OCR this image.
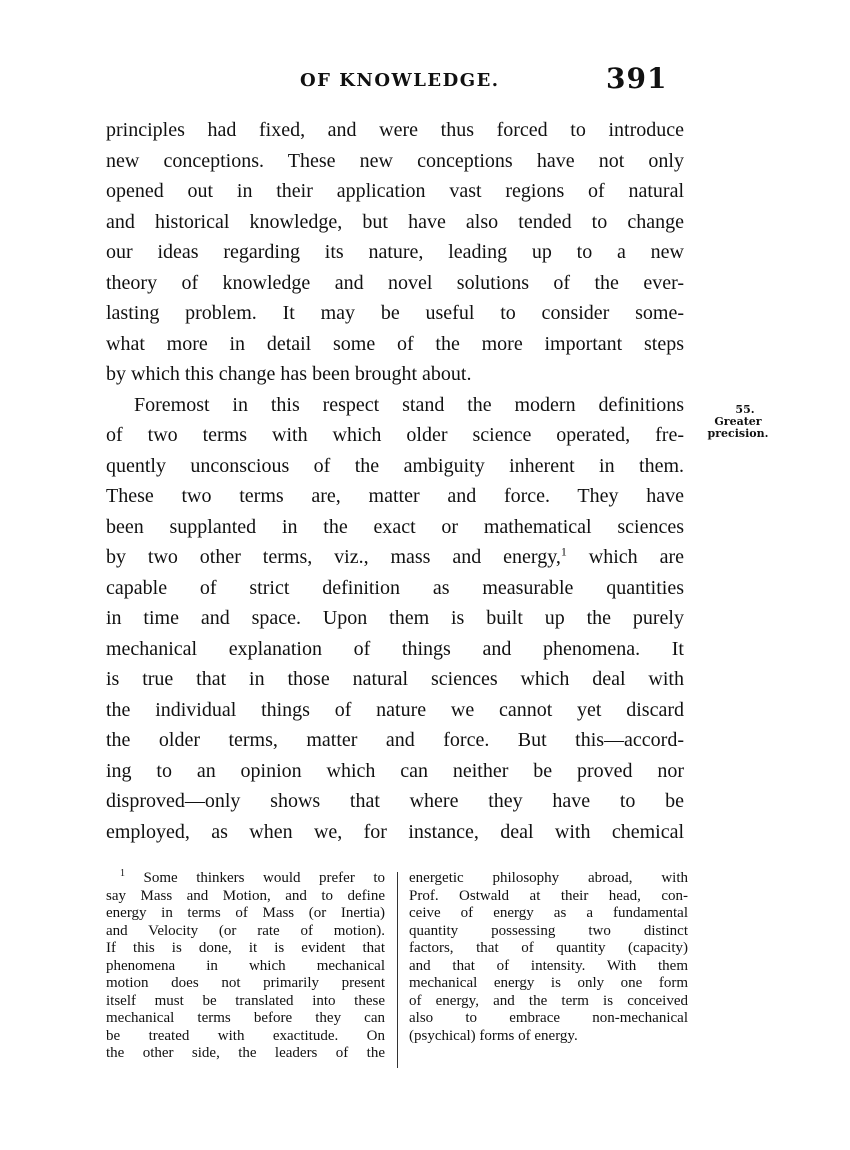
OF KNOWLEDGE.	391
principles had fixed, and were thus forced to introduce
new conceptions. These new conceptions have not only
opened out in their application vast regions of natural
and historical knowledge, but have also tended to change
our ideas regarding its nature, leading up to a new
theory of knowledge and novel solutions of the ever-
lasting problem. It may be useful to consider some-
what more in detail some of the more important steps
by which this change has been brought about.
Foremost in this respect stand the modern definitions
of two terms with which older science operated, fre-
quently unconscious of the ambiguity inherent in them.
These two terms are, matter and force. They have
been supplanted in the exact or mathematical sciences
by two other terms, viz., mass and energy,$^1$ which are
capable of strict definition as measurable quantities
in time and space. Upon them is built up the purely
mechanical explanation of things and phenomena. It
is true that in those natural sciences which deal with
the individual things of nature we cannot yet discard
the older terms, matter and force. But this—accord-
ing to an opinion which can neither be proved nor
disproved—only shows that where they have to be
employed, as when we, for instance, deal with chemical
55.
Greater
precision.
$^1$ Some thinkers would prefer to
say Mass and Motion, and to define
energy in terms of Mass (or Inertia)
and Velocity (or rate of motion).
If this is done, it is evident that
phenomena in which mechanical
motion does not primarily present
itself must be translated into these
mechanical terms before they can
be treated with exactitude. On
the other side, the leaders of the
energetic philosophy abroad, with
Prof. Ostwald at their head, con-
ceive of energy as a fundamental
quantity possessing two distinct
factors, that of quantity (capacity)
and that of intensity. With them
mechanical energy is only one form
of energy, and the term is conceived
also to embrace non-mechanical
(psychical) forms of energy.
